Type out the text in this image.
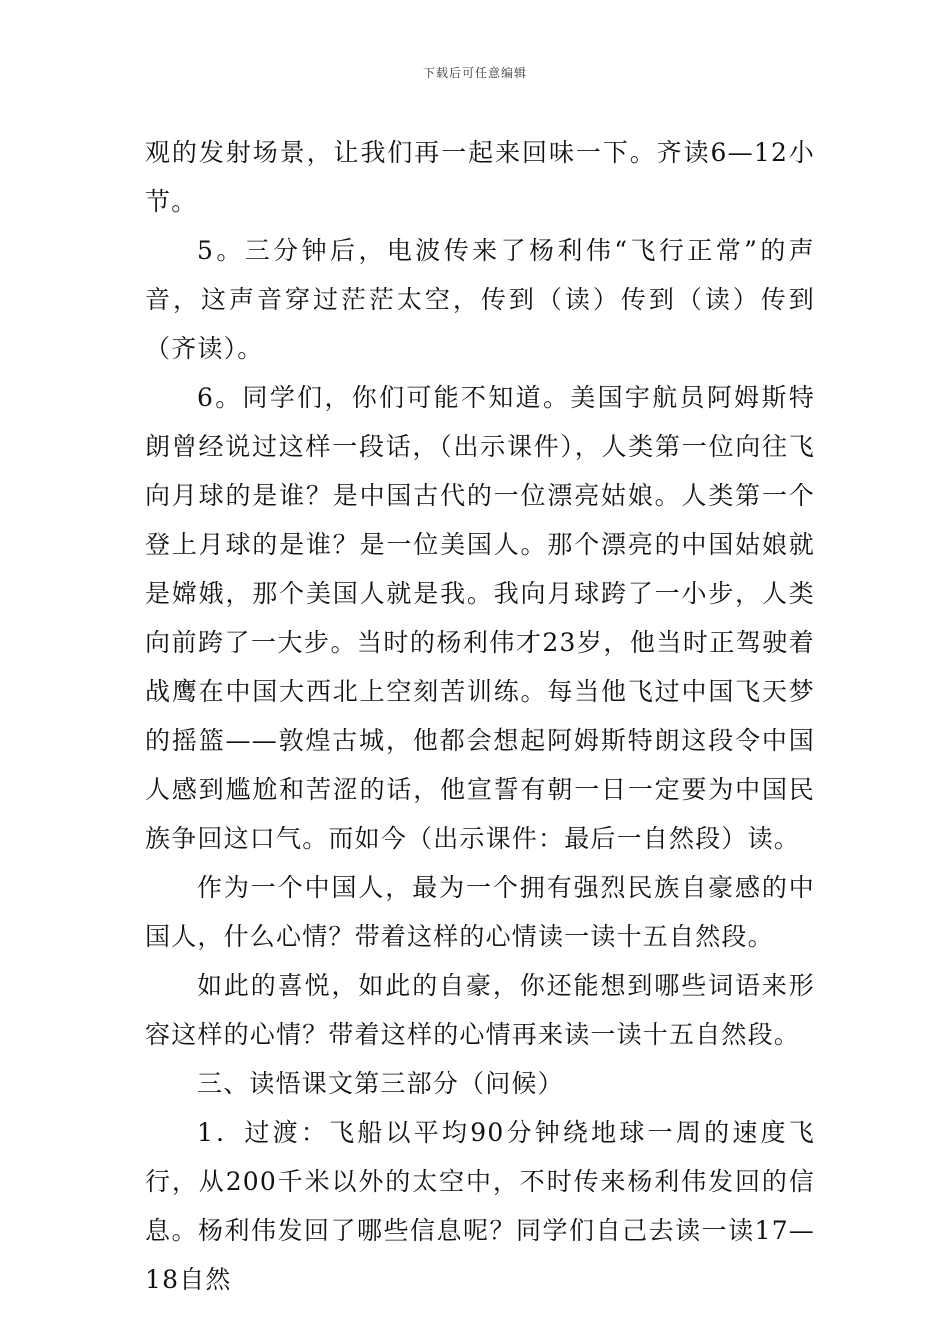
下载后可任意编辑

观的发射场景，让我们再一起来回味一下。齐读6—12小节。

5。三分钟后，电波传来了杨利伟“飞行正常”的声音，这声音穿过茫茫太空，传到（读）传到（读）传到（齐读）。

6。同学们，你们可能不知道。美国宇航员阿姆斯特朗曾经说过这样一段话，（出示课件），人类第一位向往飞向月球的是谁？是中国古代的一位漂亮姑娘。人类第一个登上月球的是谁？是一位美国人。那个漂亮的中国姑娘就是嫦娥，那个美国人就是我。我向月球跨了一小步，人类向前跨了一大步。当时的杨利伟才23岁，他当时正驾驶着战鹰在中国大西北上空刻苦训练。每当他飞过中国飞天梦的摇篮——敦煌古城，他都会想起阿姆斯特朗这段令中国人感到尴尬和苦涩的话，他宣誓有朝一日一定要为中国民族争回这口气。而如今（出示课件：最后一自然段）读。

作为一个中国人，最为一个拥有强烈民族自豪感的中国人，什么心情？带着这样的心情读一读十五自然段。

如此的喜悦，如此的自豪，你还能想到哪些词语来形容这样的心情？带着这样的心情再来读一读十五自然段。

三、读悟课文第三部分（问候）

1．过渡：飞船以平均90分钟绕地球一周的速度飞行，从200千米以外的太空中，不时传来杨利伟发回的信息。杨利伟发回了哪些信息呢？同学们自己去读一读17—18自然
